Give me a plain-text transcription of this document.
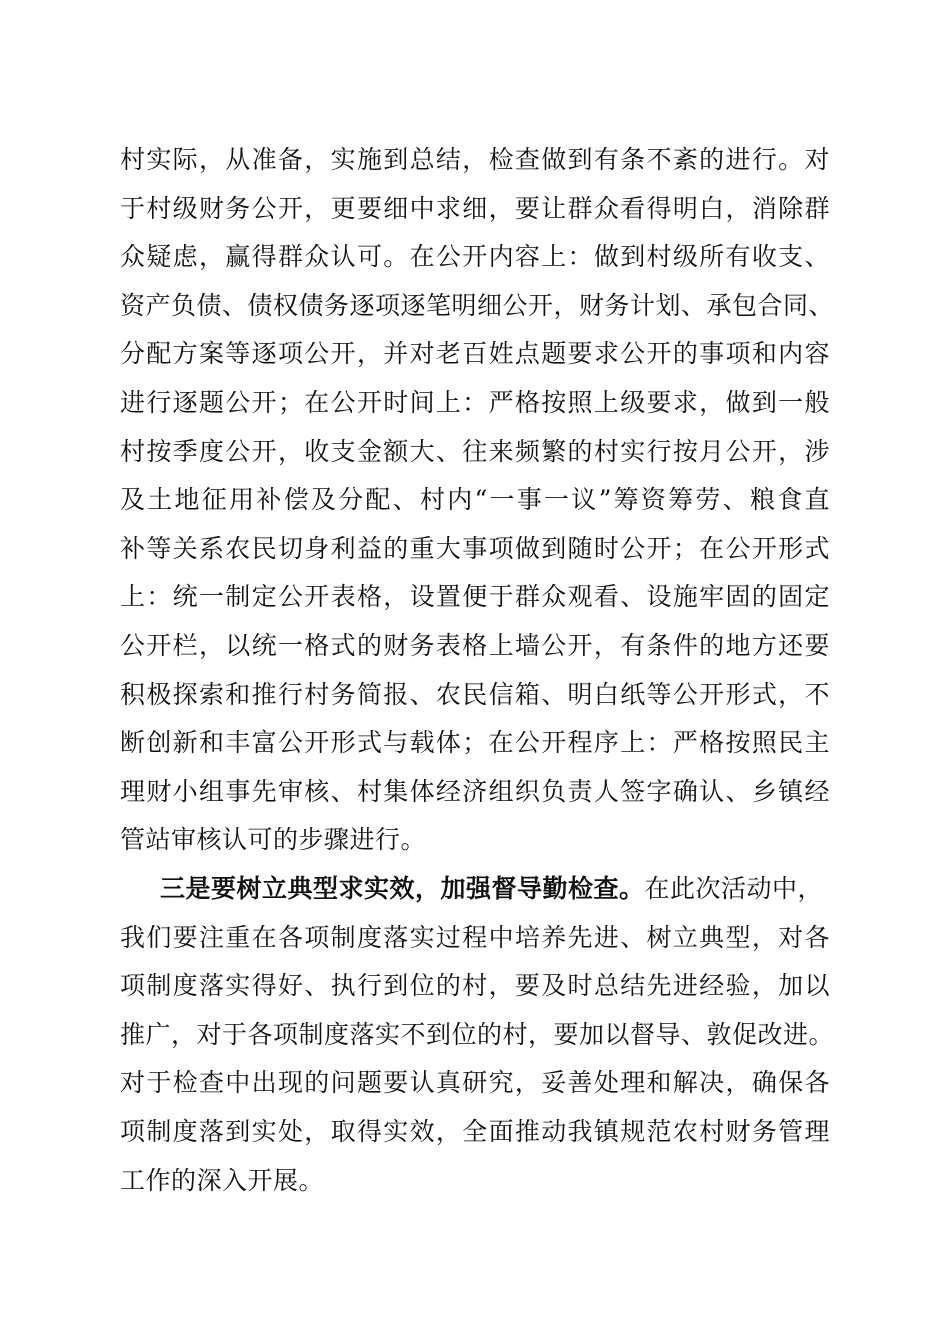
村实际，从准备，实施到总结，检查做到有条不紊的进行。对
于村级财务公开，更要细中求细，要让群众看得明白，消除群
众疑虑，赢得群众认可。在公开内容上：做到村级所有收支、
资产负债、债权债务逐项逐笔明细公开，财务计划、承包合同、
分配方案等逐项公开，并对老百姓点题要求公开的事项和内容
进行逐题公开；在公开时间上：严格按照上级要求，做到一般
村按季度公开，收支金额大、往来频繁的村实行按月公开，涉
及土地征用补偿及分配、村内“一事一议”筹资筹劳、粮食直
补等关系农民切身利益的重大事项做到随时公开；在公开形式
上：统一制定公开表格，设置便于群众观看、设施牢固的固定
公开栏，以统一格式的财务表格上墙公开，有条件的地方还要
积极探索和推行村务简报、农民信箱、明白纸等公开形式，不
断创新和丰富公开形式与载体；在公开程序上：严格按照民主
理财小组事先审核、村集体经济组织负责人签字确认、乡镇经
管站审核认可的步骤进行。
三是要树立典型求实效，加强督导勤检查。在此次活动中，
我们要注重在各项制度落实过程中培养先进、树立典型，对各
项制度落实得好、执行到位的村，要及时总结先进经验，加以
推广，对于各项制度落实不到位的村，要加以督导、敦促改进。
对于检查中出现的问题要认真研究，妥善处理和解决，确保各
项制度落到实处，取得实效，全面推动我镇规范农村财务管理
工作的深入开展。
